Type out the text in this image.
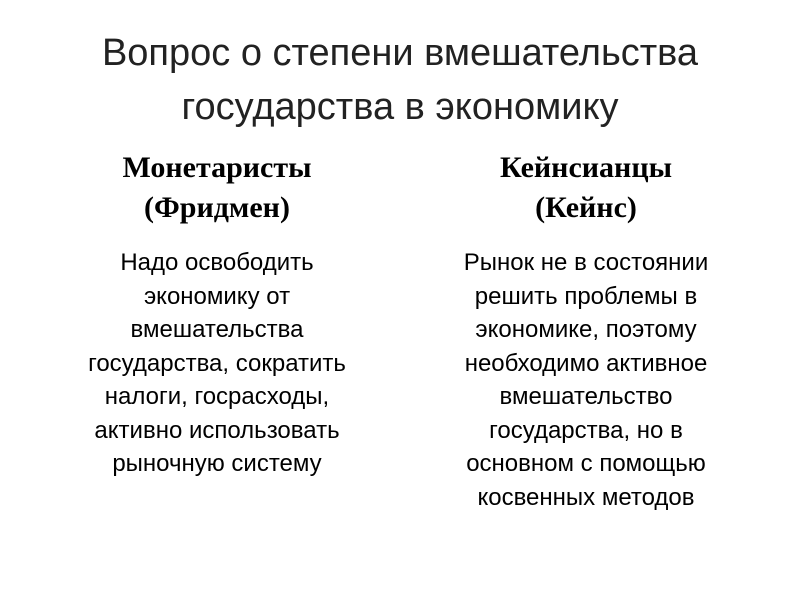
Вопрос о степени вмешательства
государства в экономику
Монетаристы
(Фридмен)
Надо освободить
экономику от
вмешательства
государства, сократить
налоги, госрасходы,
активно использовать
рыночную систему
Кейнсианцы
(Кейнс)
Рынок не в состоянии
решить проблемы в
экономике, поэтому
необходимо активное
вмешательство
государства, но в
основном с помощью
косвенных методов
